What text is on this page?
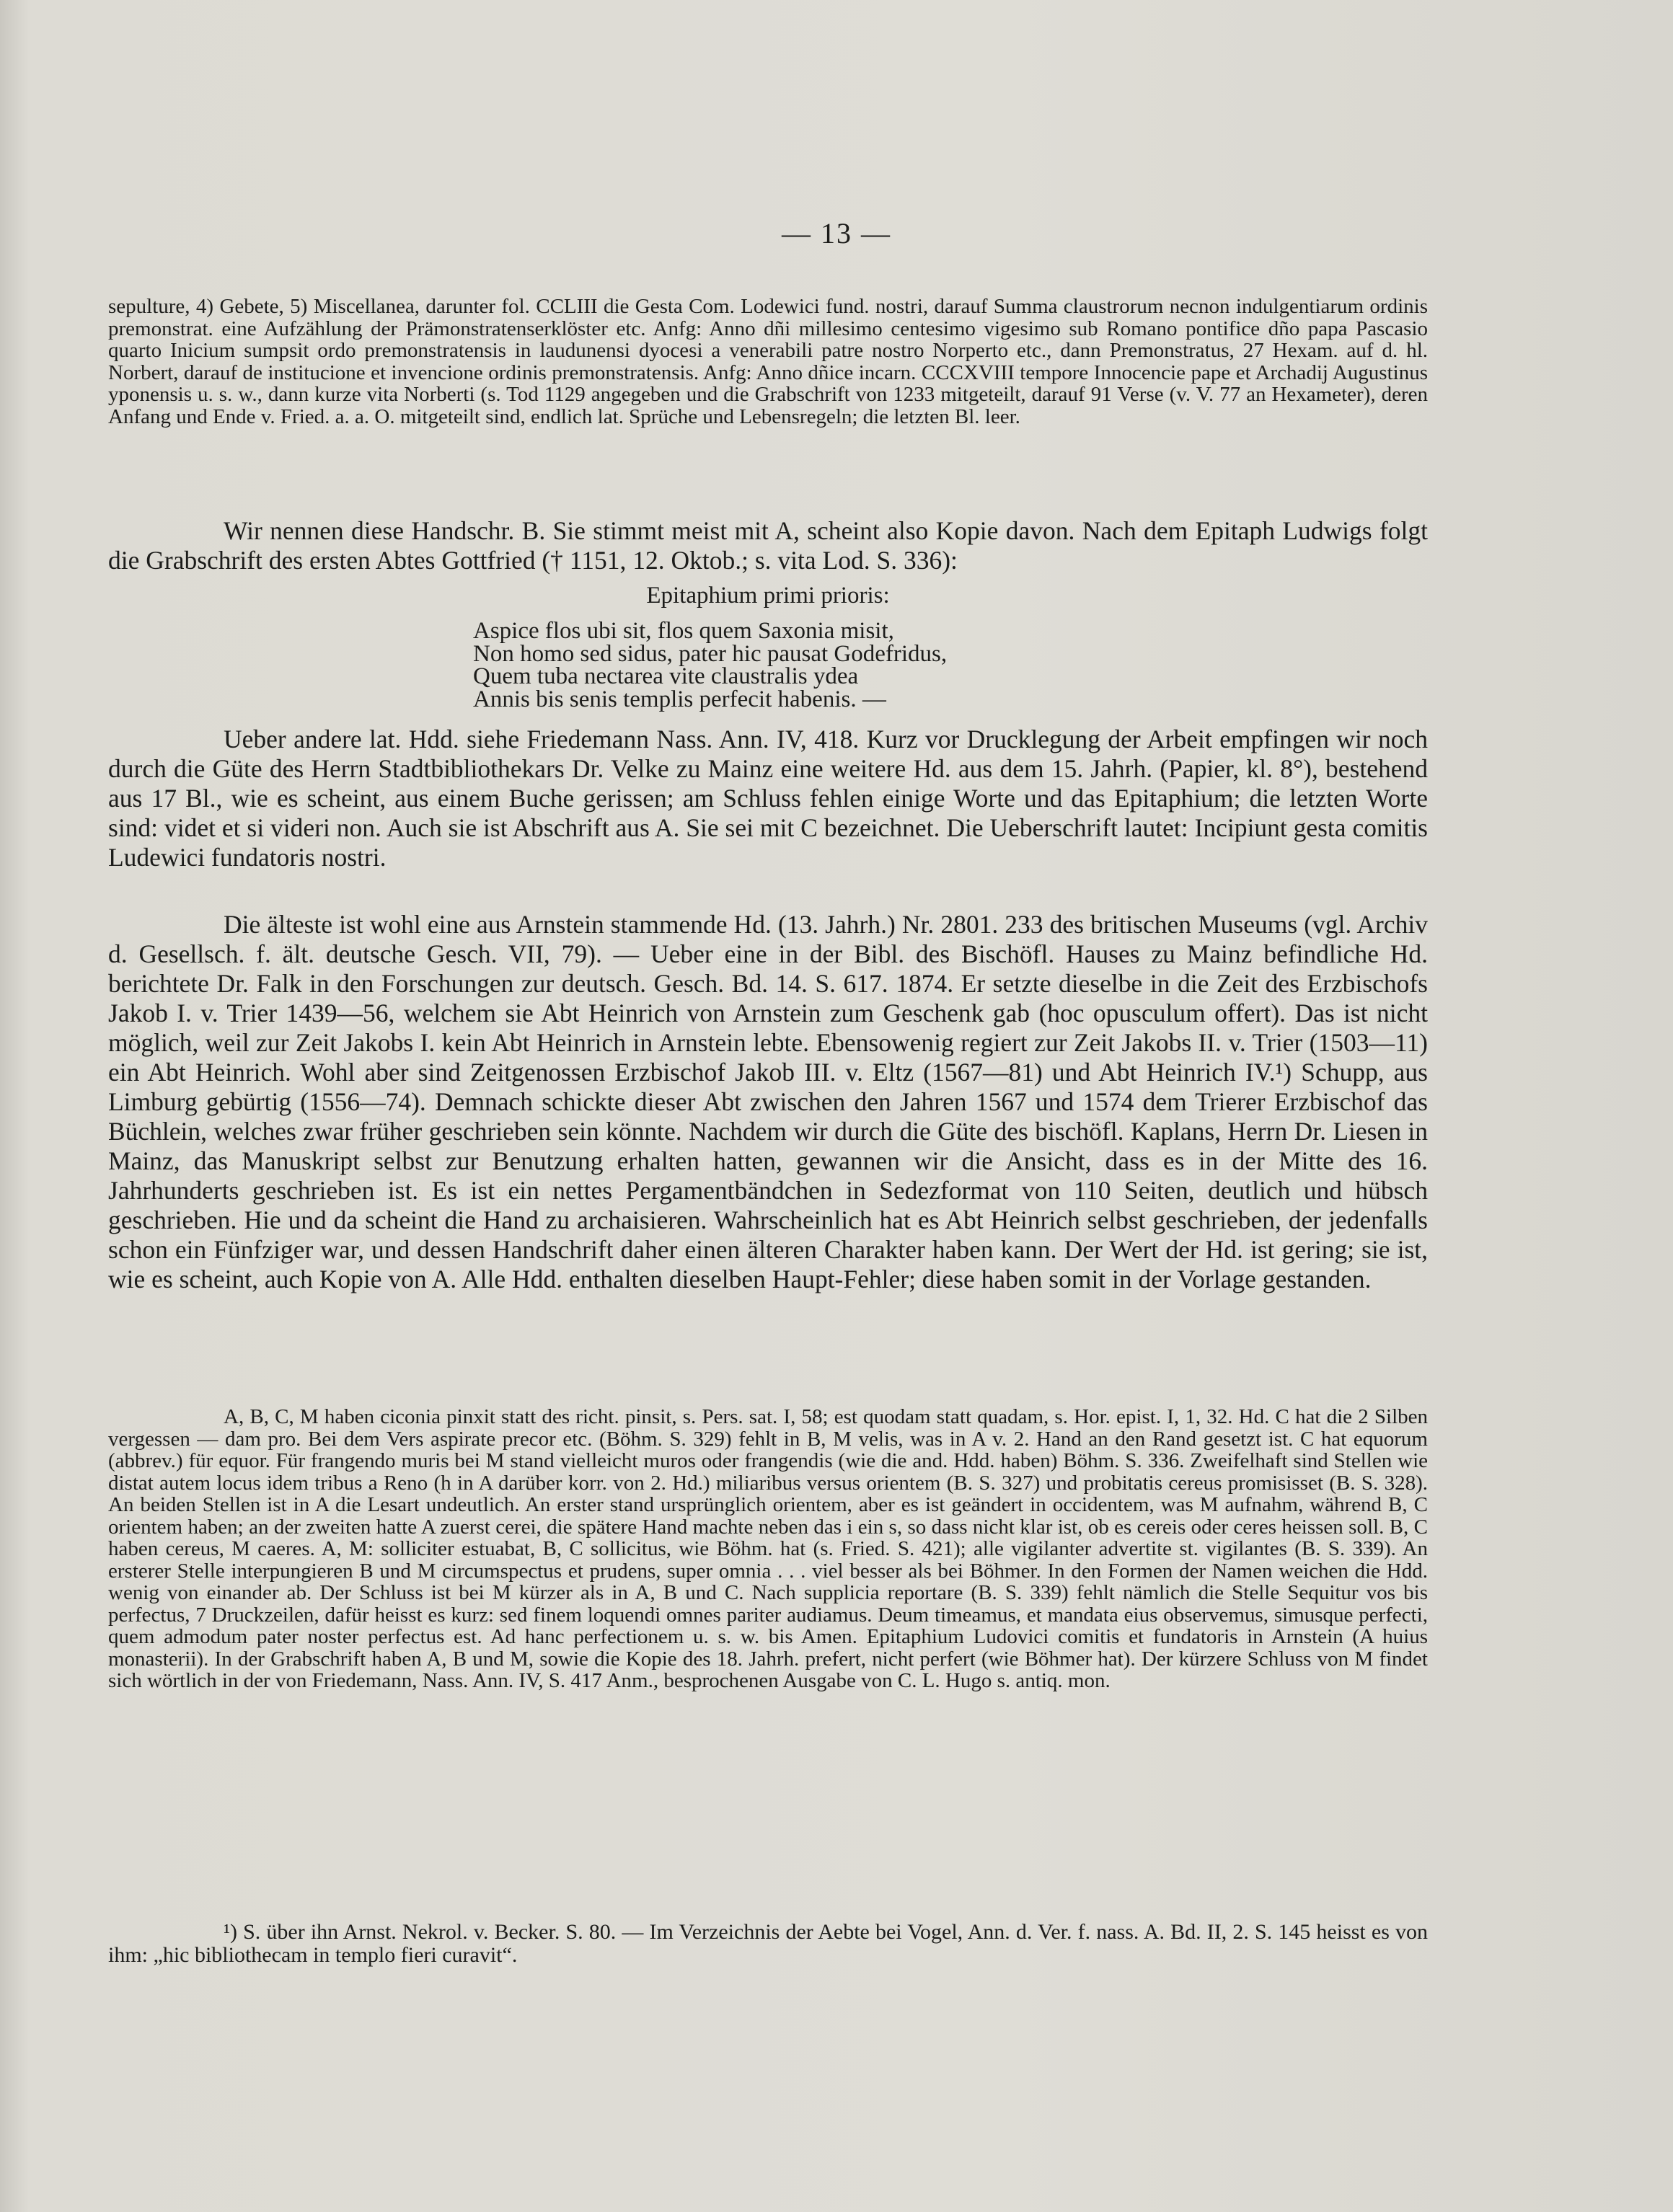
— 13 —

sepulture, 4) Gebete, 5) Miscellanea, darunter fol. CCLIII die Gesta Com. Lodewici fund. nostri, darauf Summa claustrorum necnon indulgentiarum ordinis premonstrat. eine Aufzählung der Prämonstratenserklöster etc. Anfg: Anno dñi millesimo centesimo vigesimo sub Romano pontifice dño papa Pascasio quarto Inicium sumpsit ordo premonstratensis in laudunensi dyocesi a venerabili patre nostro Norperto etc., dann Premonstratus, 27 Hexam. auf d. hl. Norbert, darauf de institucione et invencione ordinis premonstratensis. Anfg: Anno dñice incarn. CCCXVIII tempore Innocencie pape et Archadij Augustinus yponensis u. s. w., dann kurze vita Norberti (s. Tod 1129 angegeben und die Grabschrift von 1233 mitgeteilt, darauf 91 Verse (v. V. 77 an Hexameter), deren Anfang und Ende v. Fried. a. a. O. mitgeteilt sind, endlich lat. Sprüche und Lebensregeln; die letzten Bl. leer.

Wir nennen diese Handschr. B. Sie stimmt meist mit A, scheint also Kopie davon. Nach dem Epitaph Ludwigs folgt die Grabschrift des ersten Abtes Gottfried († 1151, 12. Oktob.; s. vita Lod. S. 336):

Epitaphium primi prioris:
Aspice flos ubi sit, flos quem Saxonia misit,
Non homo sed sidus, pater hic pausat Godefridus,
Quem tuba nectarea vite claustralis ydea
Annis bis senis templis perfecit habenis. —

Ueber andere lat. Hdd. siehe Friedemann Nass. Ann. IV, 418. Kurz vor Drucklegung der Arbeit empfingen wir noch durch die Güte des Herrn Stadtbibliothekars Dr. Velke zu Mainz eine weitere Hd. aus dem 15. Jahrh. (Papier, kl. 8°), bestehend aus 17 Bl., wie es scheint, aus einem Buche gerissen; am Schluss fehlen einige Worte und das Epitaphium; die letzten Worte sind: videt et si videri non. Auch sie ist Abschrift aus A. Sie sei mit C bezeichnet. Die Ueberschrift lautet: Incipiunt gesta comitis Ludewici fundatoris nostri.

Die älteste ist wohl eine aus Arnstein stammende Hd. (13. Jahrh.) Nr. 2801. 233 des britischen Museums (vgl. Archiv d. Gesellsch. f. ält. deutsche Gesch. VII, 79). — Ueber eine in der Bibl. des Bischöfl. Hauses zu Mainz befindliche Hd. berichtete Dr. Falk in den Forschungen zur deutsch. Gesch. Bd. 14. S. 617. 1874. Er setzte dieselbe in die Zeit des Erzbischofs Jakob I. v. Trier 1439—56, welchem sie Abt Heinrich von Arnstein zum Geschenk gab (hoc opusculum offert). Das ist nicht möglich, weil zur Zeit Jakobs I. kein Abt Heinrich in Arnstein lebte. Ebensowenig regiert zur Zeit Jakobs II. v. Trier (1503—11) ein Abt Heinrich. Wohl aber sind Zeitgenossen Erzbischof Jakob III. v. Eltz (1567—81) und Abt Heinrich IV.¹) Schupp, aus Limburg gebürtig (1556—74). Demnach schickte dieser Abt zwischen den Jahren 1567 und 1574 dem Trierer Erzbischof das Büchlein, welches zwar früher geschrieben sein könnte. Nachdem wir durch die Güte des bischöfl. Kaplans, Herrn Dr. Liesen in Mainz, das Manuskript selbst zur Benutzung erhalten hatten, gewannen wir die Ansicht, dass es in der Mitte des 16. Jahrhunderts geschrieben ist. Es ist ein nettes Pergamentbändchen in Sedezformat von 110 Seiten, deutlich und hübsch geschrieben. Hie und da scheint die Hand zu archaisieren. Wahrscheinlich hat es Abt Heinrich selbst geschrieben, der jedenfalls schon ein Fünfziger war, und dessen Handschrift daher einen älteren Charakter haben kann. Der Wert der Hd. ist gering; sie ist, wie es scheint, auch Kopie von A. Alle Hdd. enthalten dieselben Haupt-Fehler; diese haben somit in der Vorlage gestanden.

A, B, C, M haben ciconia pinxit statt des richt. pinsit, s. Pers. sat. I, 58; est quodam statt quadam, s. Hor. epist. I, 1, 32. Hd. C hat die 2 Silben vergessen — dam pro. Bei dem Vers aspirate precor etc. (Böhm. S. 329) fehlt in B, M velis, was in A v. 2. Hand an den Rand gesetzt ist. C hat equorum (abbrev.) für equor. Für frangendo muris bei M stand vielleicht muros oder frangendis (wie die and. Hdd. haben) Böhm. S. 336. Zweifelhaft sind Stellen wie distat autem locus idem tribus a Reno (h in A darüber korr. von 2. Hd.) miliaribus versus orientem (B. S. 327) und probitatis cereus promisisset (B. S. 328). An beiden Stellen ist in A die Lesart undeutlich. An erster stand ursprünglich orientem, aber es ist geändert in occidentem, was M aufnahm, während B, C orientem haben; an der zweiten hatte A zuerst cerei, die spätere Hand machte neben das i ein s, so dass nicht klar ist, ob es cereis oder ceres heissen soll. B, C haben cereus, M caeres. A, M: solliciter estuabat, B, C sollicitus, wie Böhm. hat (s. Fried. S. 421); alle vigilanter advertite st. vigilantes (B. S. 339). An ersterer Stelle interpungieren B und M circumspectus et prudens, super omnia . . . viel besser als bei Böhmer. In den Formen der Namen weichen die Hdd. wenig von einander ab. Der Schluss ist bei M kürzer als in A, B und C. Nach supplicia reportare (B. S. 339) fehlt nämlich die Stelle Sequitur vos bis perfectus, 7 Druckzeilen, dafür heisst es kurz: sed finem loquendi omnes pariter audiamus. Deum timeamus, et mandata eius observemus, simusque perfecti, quem admodum pater noster perfectus est. Ad hanc perfectionem u. s. w. bis Amen. Epitaphium Ludovici comitis et fundatoris in Arnstein (A huius monasterii). In der Grabschrift haben A, B und M, sowie die Kopie des 18. Jahrh. prefert, nicht perfert (wie Böhmer hat). Der kürzere Schluss von M findet sich wörtlich in der von Friedemann, Nass. Ann. IV, S. 417 Anm., besprochenen Ausgabe von C. L. Hugo s. antiq. mon.

¹) S. über ihn Arnst. Nekrol. v. Becker. S. 80. — Im Verzeichnis der Aebte bei Vogel, Ann. d. Ver. f. nass. A. Bd. II, 2. S. 145 heisst es von ihm: „hic bibliothecam in templo fieri curavit“.
